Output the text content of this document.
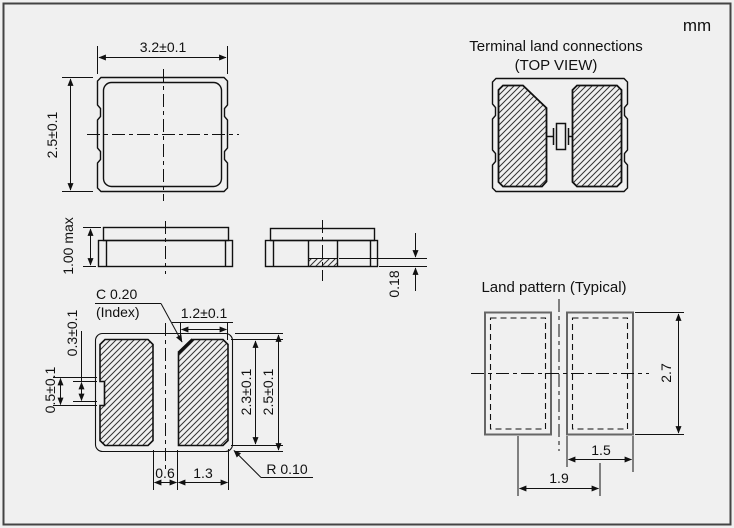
mm
3.2±0.1
2.5±0.1
1.00 max
0.18
C 0.20
(Index)	1.2±0.1
0.5±0.1
0.3±0.1
2.3±0.1 2.5±0.1
0.6 1.3	R 0.10
Terminal land connections
(TOP VIEW)
Land pattern (Typical)
2.7
1.5
1.9
